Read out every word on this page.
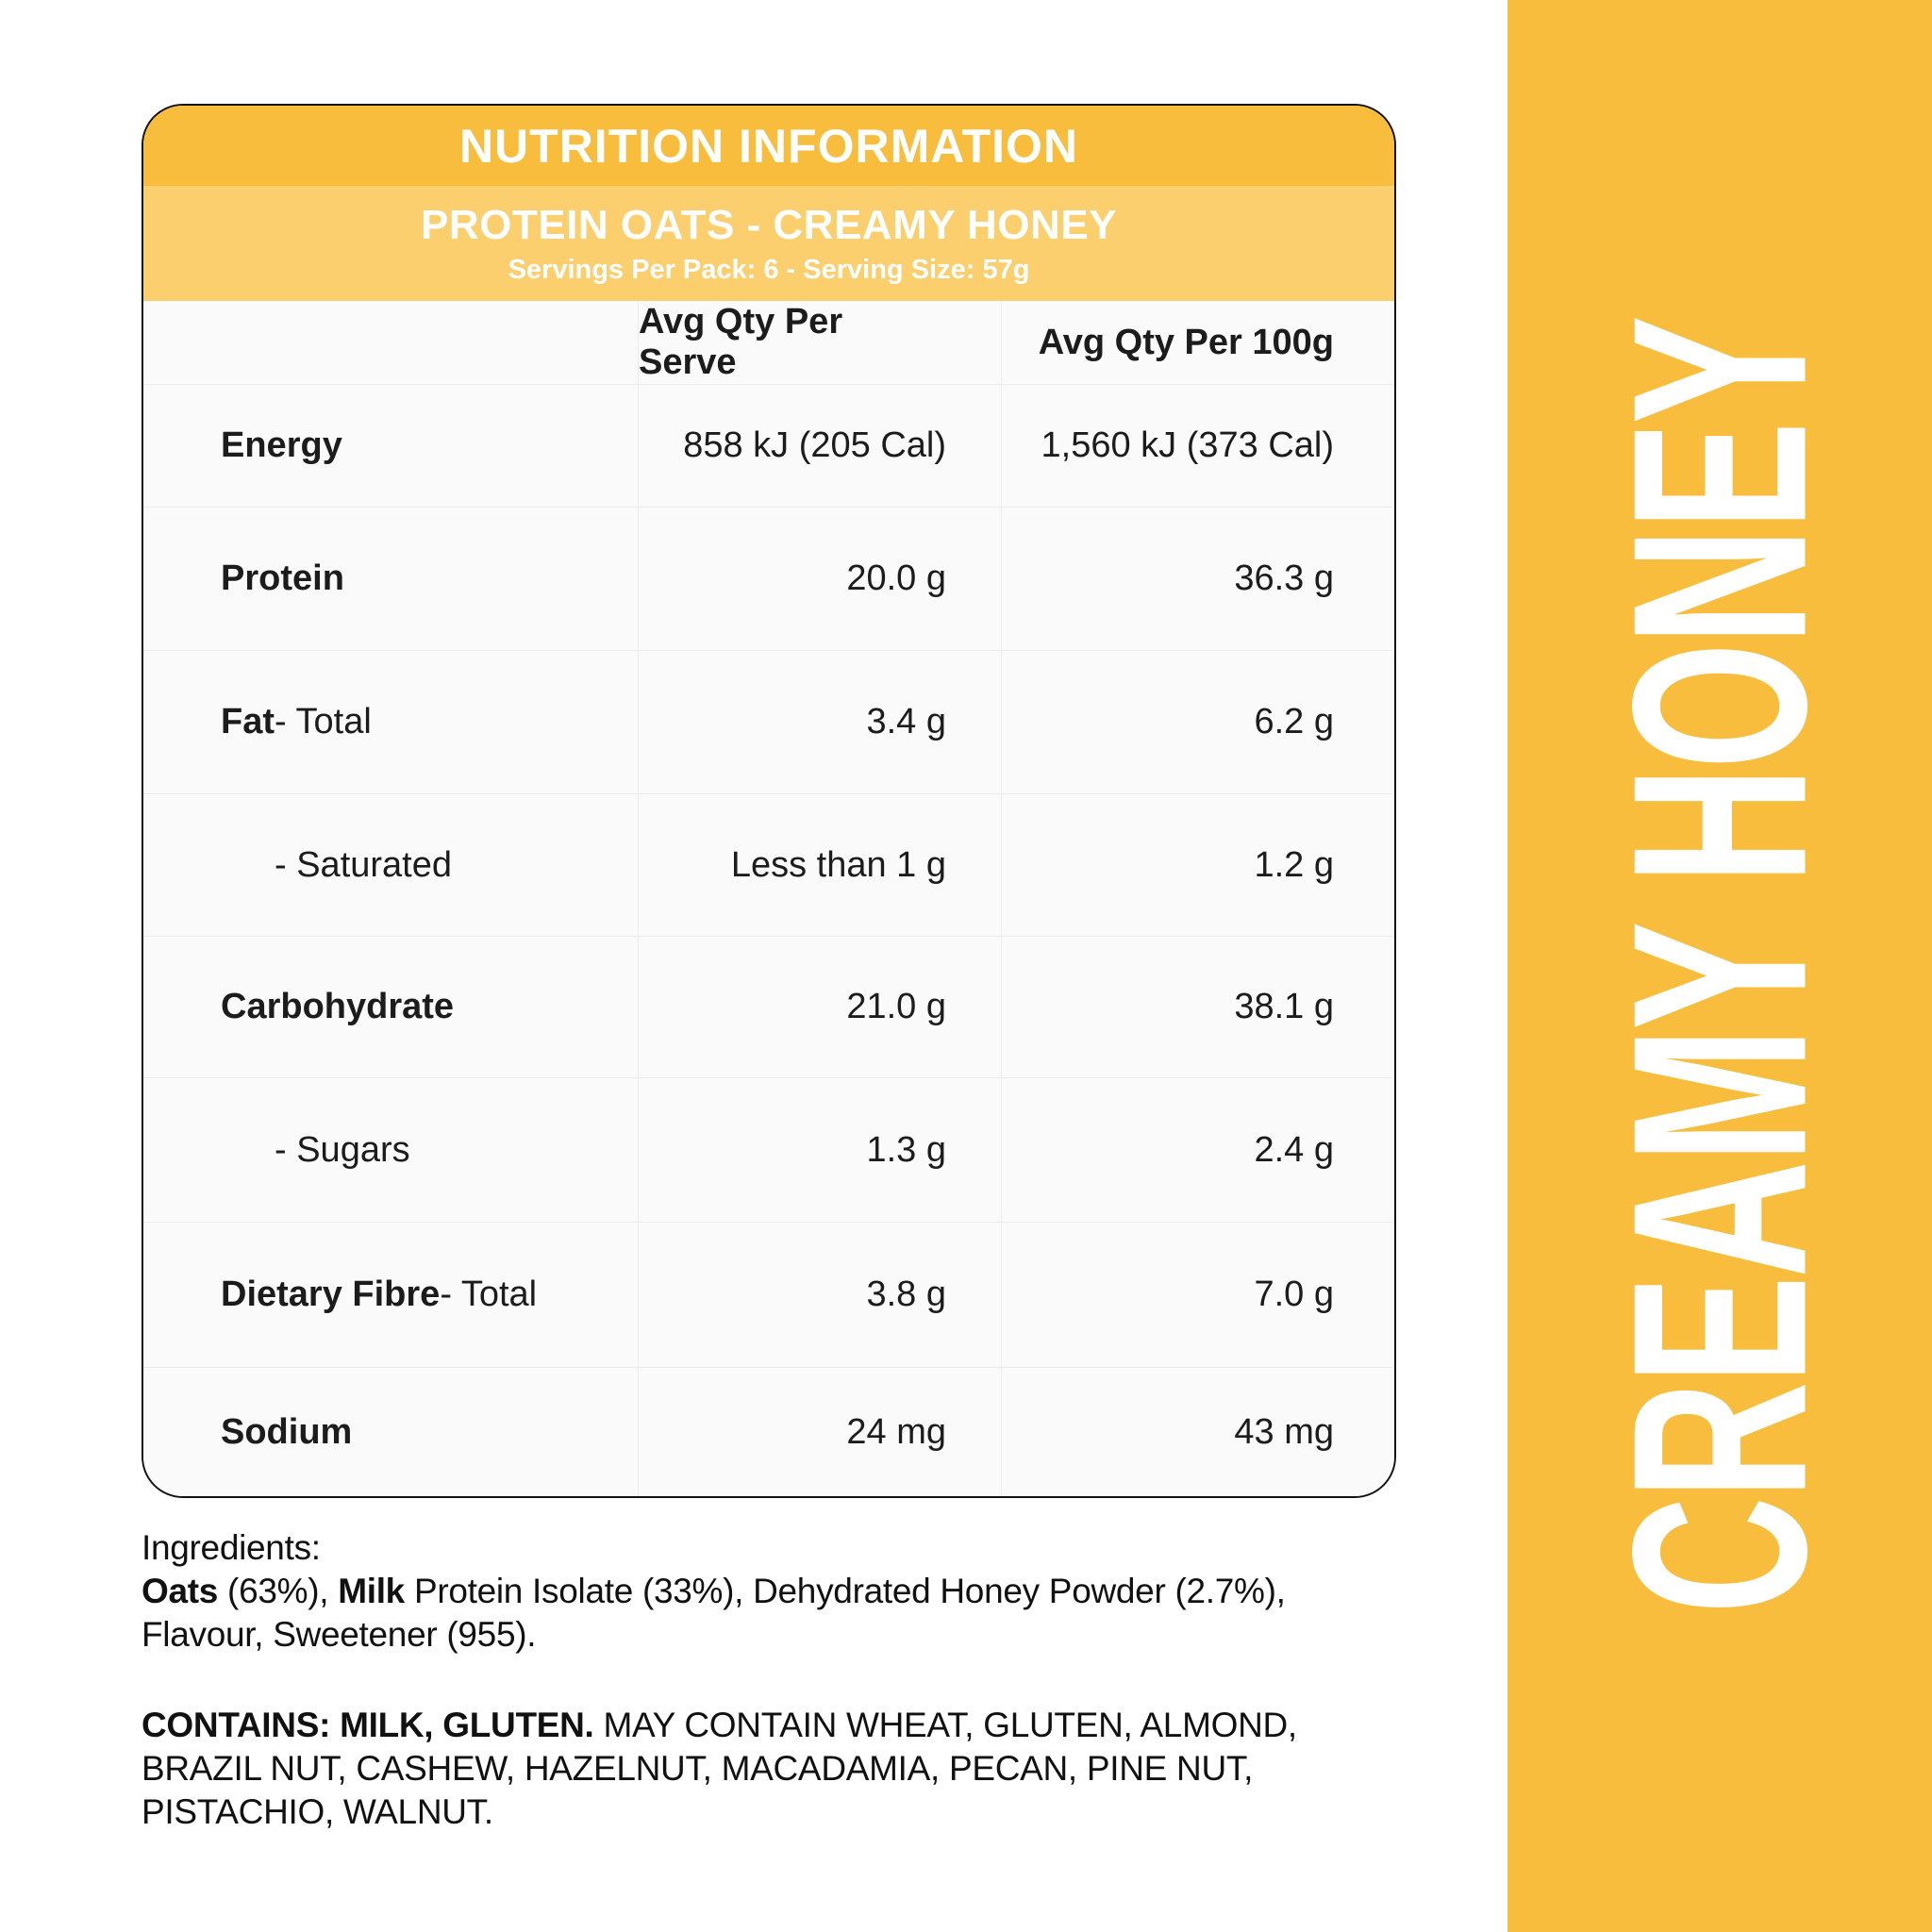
CREAMY HONEY
NUTRITION INFORMATION
PROTEIN OATS - CREAMY HONEY
Servings Per Pack: 6 - Serving Size: 57g
Avg Qty Per Serve
Avg Qty Per 100g
Energy	858 kJ (205 Cal)	1,560 kJ (373 Cal)
Protein	20.0 g	36.3 g
Fat - Total	3.4 g	6.2 g
Fat - Saturated	Less than 1 g	1.2 g
Carbohydrate	21.0 g	38.1 g
Fat - Sugars	1.3 g	2.4 g
Dietary Fibre - Total	3.8 g	7.0 g
Sodium	24 mg	43 mg

Ingredients:

Oats (63%), Milk Protein Isolate (33%), Dehydrated Honey Powder (2.7%), Flavour, Sweetener (955).

CONTAINS: MILK, GLUTEN. MAY CONTAIN WHEAT, GLUTEN, ALMOND, BRAZIL NUT, CASHEW, HAZELNUT, MACADAMIA, PECAN, PINE NUT, PISTACHIO, WALNUT.
